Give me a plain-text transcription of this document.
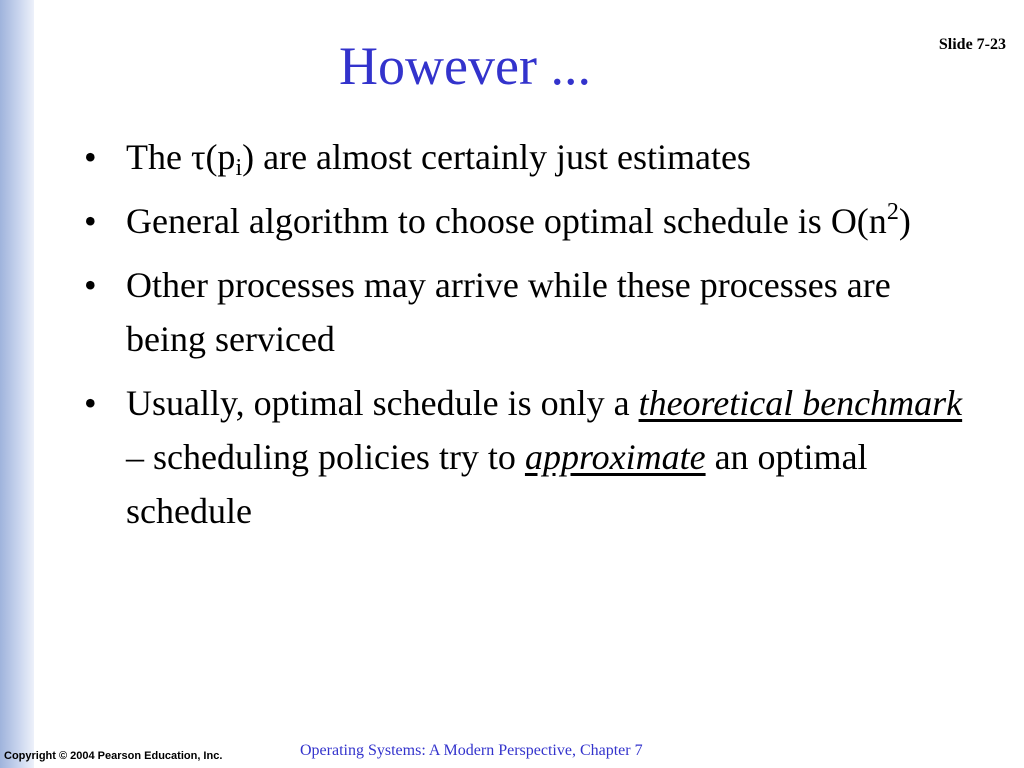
Slide 7-23
However ...
• The $\tau(p_i)$ are almost certainly just estimates
• General algorithm to choose optimal schedule is $O(n^2)$
• Other processes may arrive while these processes are being serviced
• Usually, optimal schedule is only a theoretical benchmark – scheduling policies try to approximate an optimal schedule
Copyright © 2004 Pearson Education, Inc.	Operating Systems: A Modern Perspective, Chapter 7
